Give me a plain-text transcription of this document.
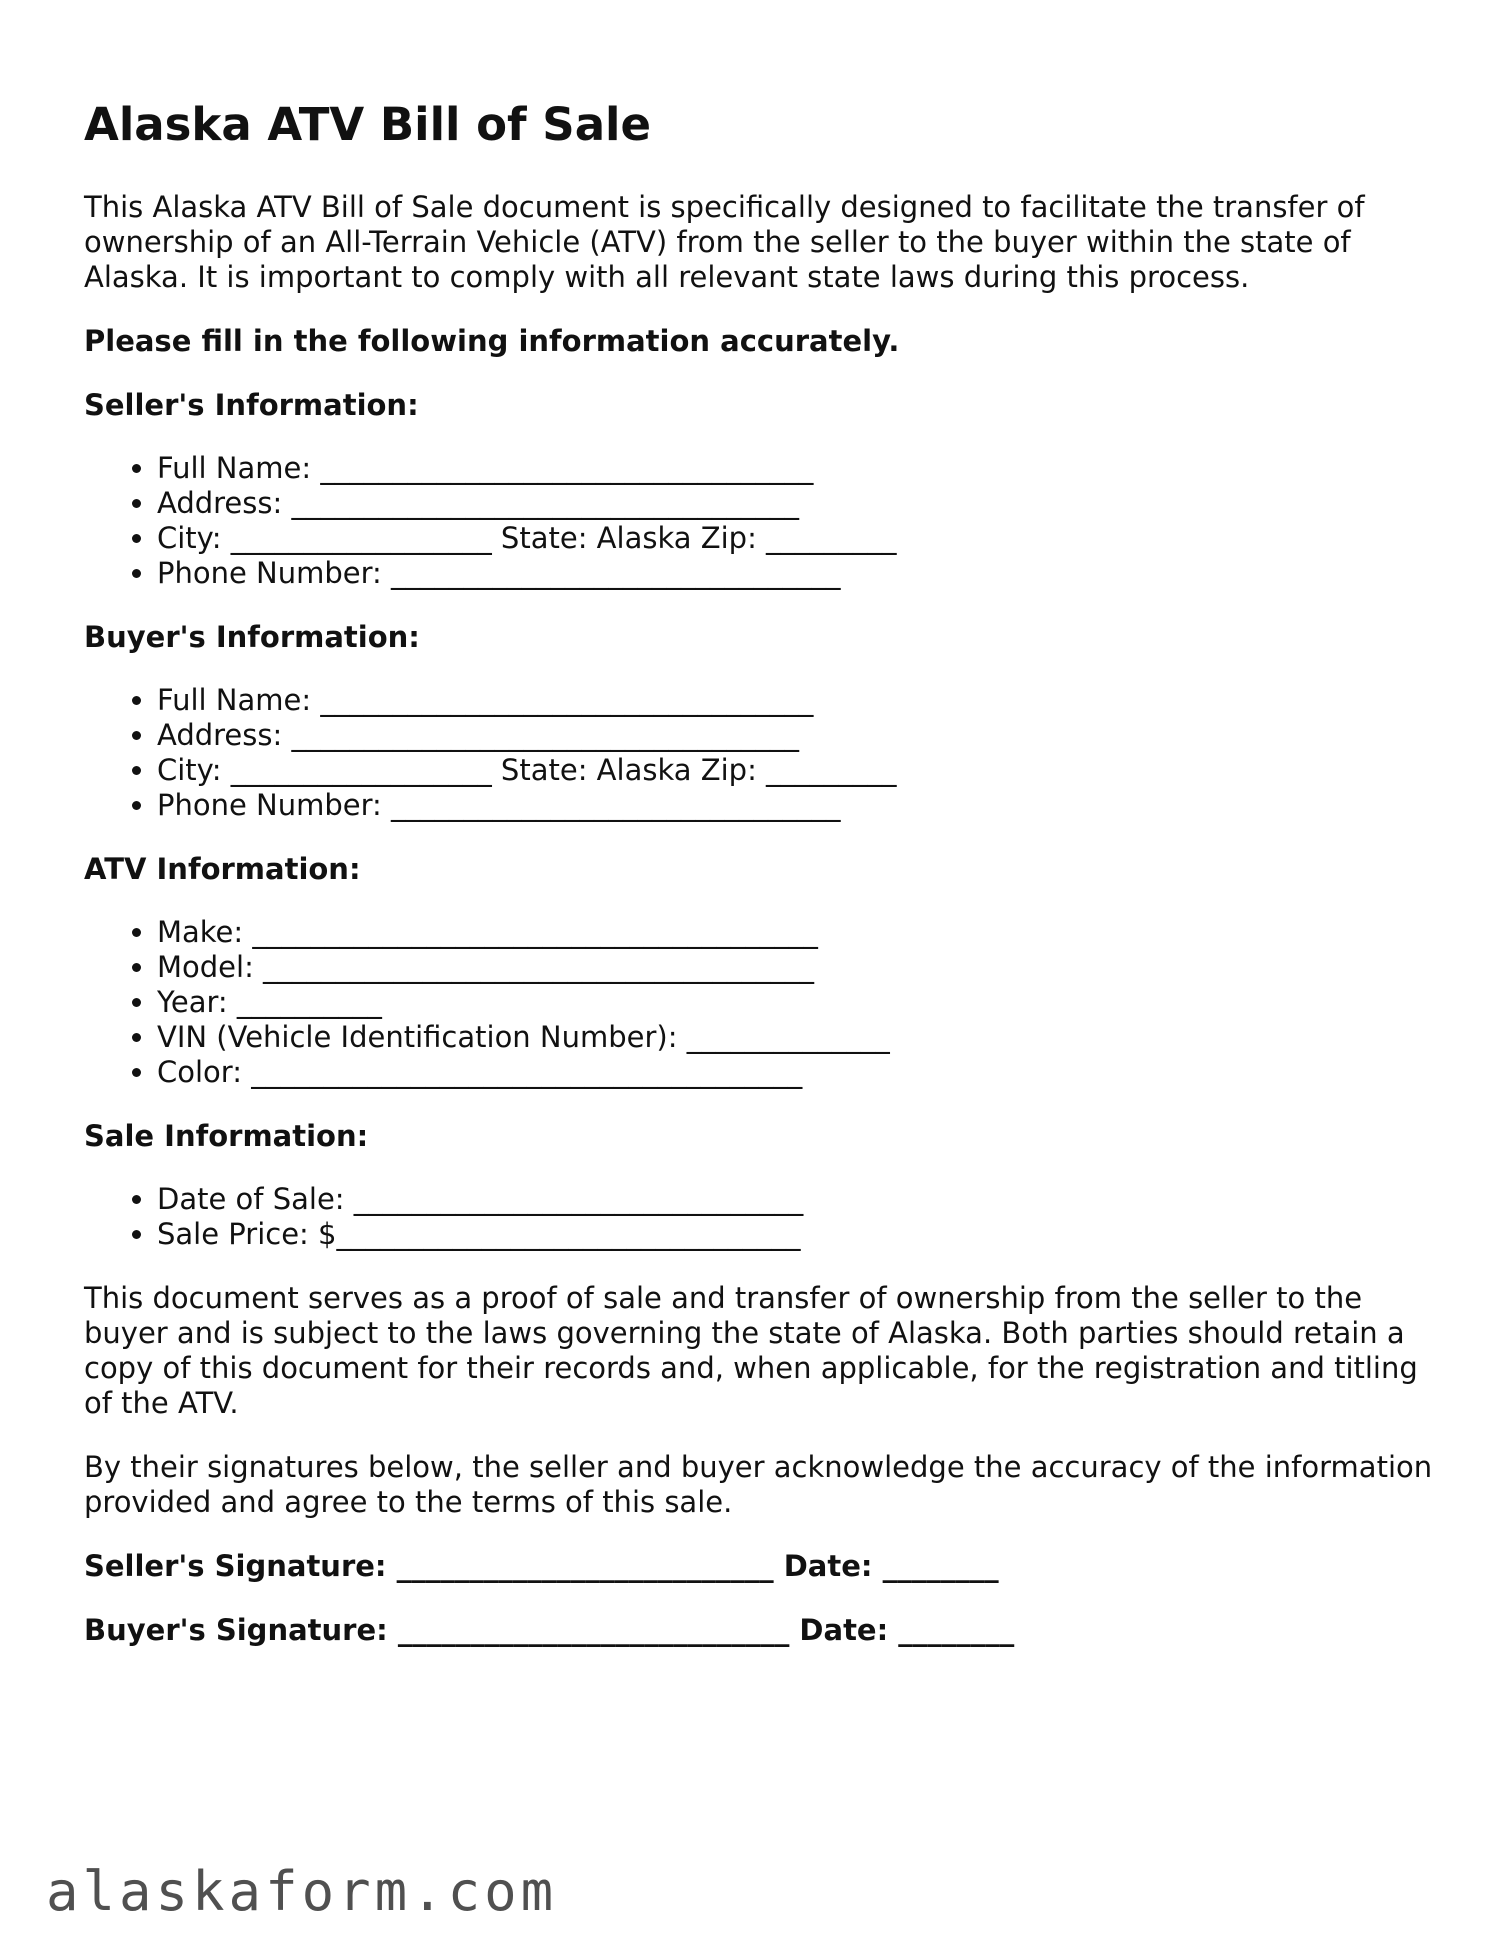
Alaska ATV Bill of Sale

This Alaska ATV Bill of Sale document is specifically designed to facilitate the transfer of ownership of an All-Terrain Vehicle (ATV) from the seller to the buyer within the state of Alaska. It is important to comply with all relevant state laws during this process.

Please fill in the following information accurately.

Seller's Information:

• Full Name: __________________________________
• Address: ___________________________________
• City: __________________ State: Alaska Zip: _________
• Phone Number: _______________________________

Buyer's Information:

• Full Name: __________________________________
• Address: ___________________________________
• City: __________________ State: Alaska Zip: _________
• Phone Number: _______________________________

ATV Information:

• Make: _______________________________________
• Model: ______________________________________
• Year: __________
• VIN (Vehicle Identification Number): ______________
• Color: ______________________________________

Sale Information:

• Date of Sale: _______________________________
• Sale Price: $________________________________

This document serves as a proof of sale and transfer of ownership from the seller to the buyer and is subject to the laws governing the state of Alaska. Both parties should retain a copy of this document for their records and, when applicable, for the registration and titling of the ATV.

By their signatures below, the seller and buyer acknowledge the accuracy of the information provided and agree to the terms of this sale.

Seller's Signature: __________________________ Date: ________

Buyer's Signature: ___________________________ Date: ________

alaskaform.com
